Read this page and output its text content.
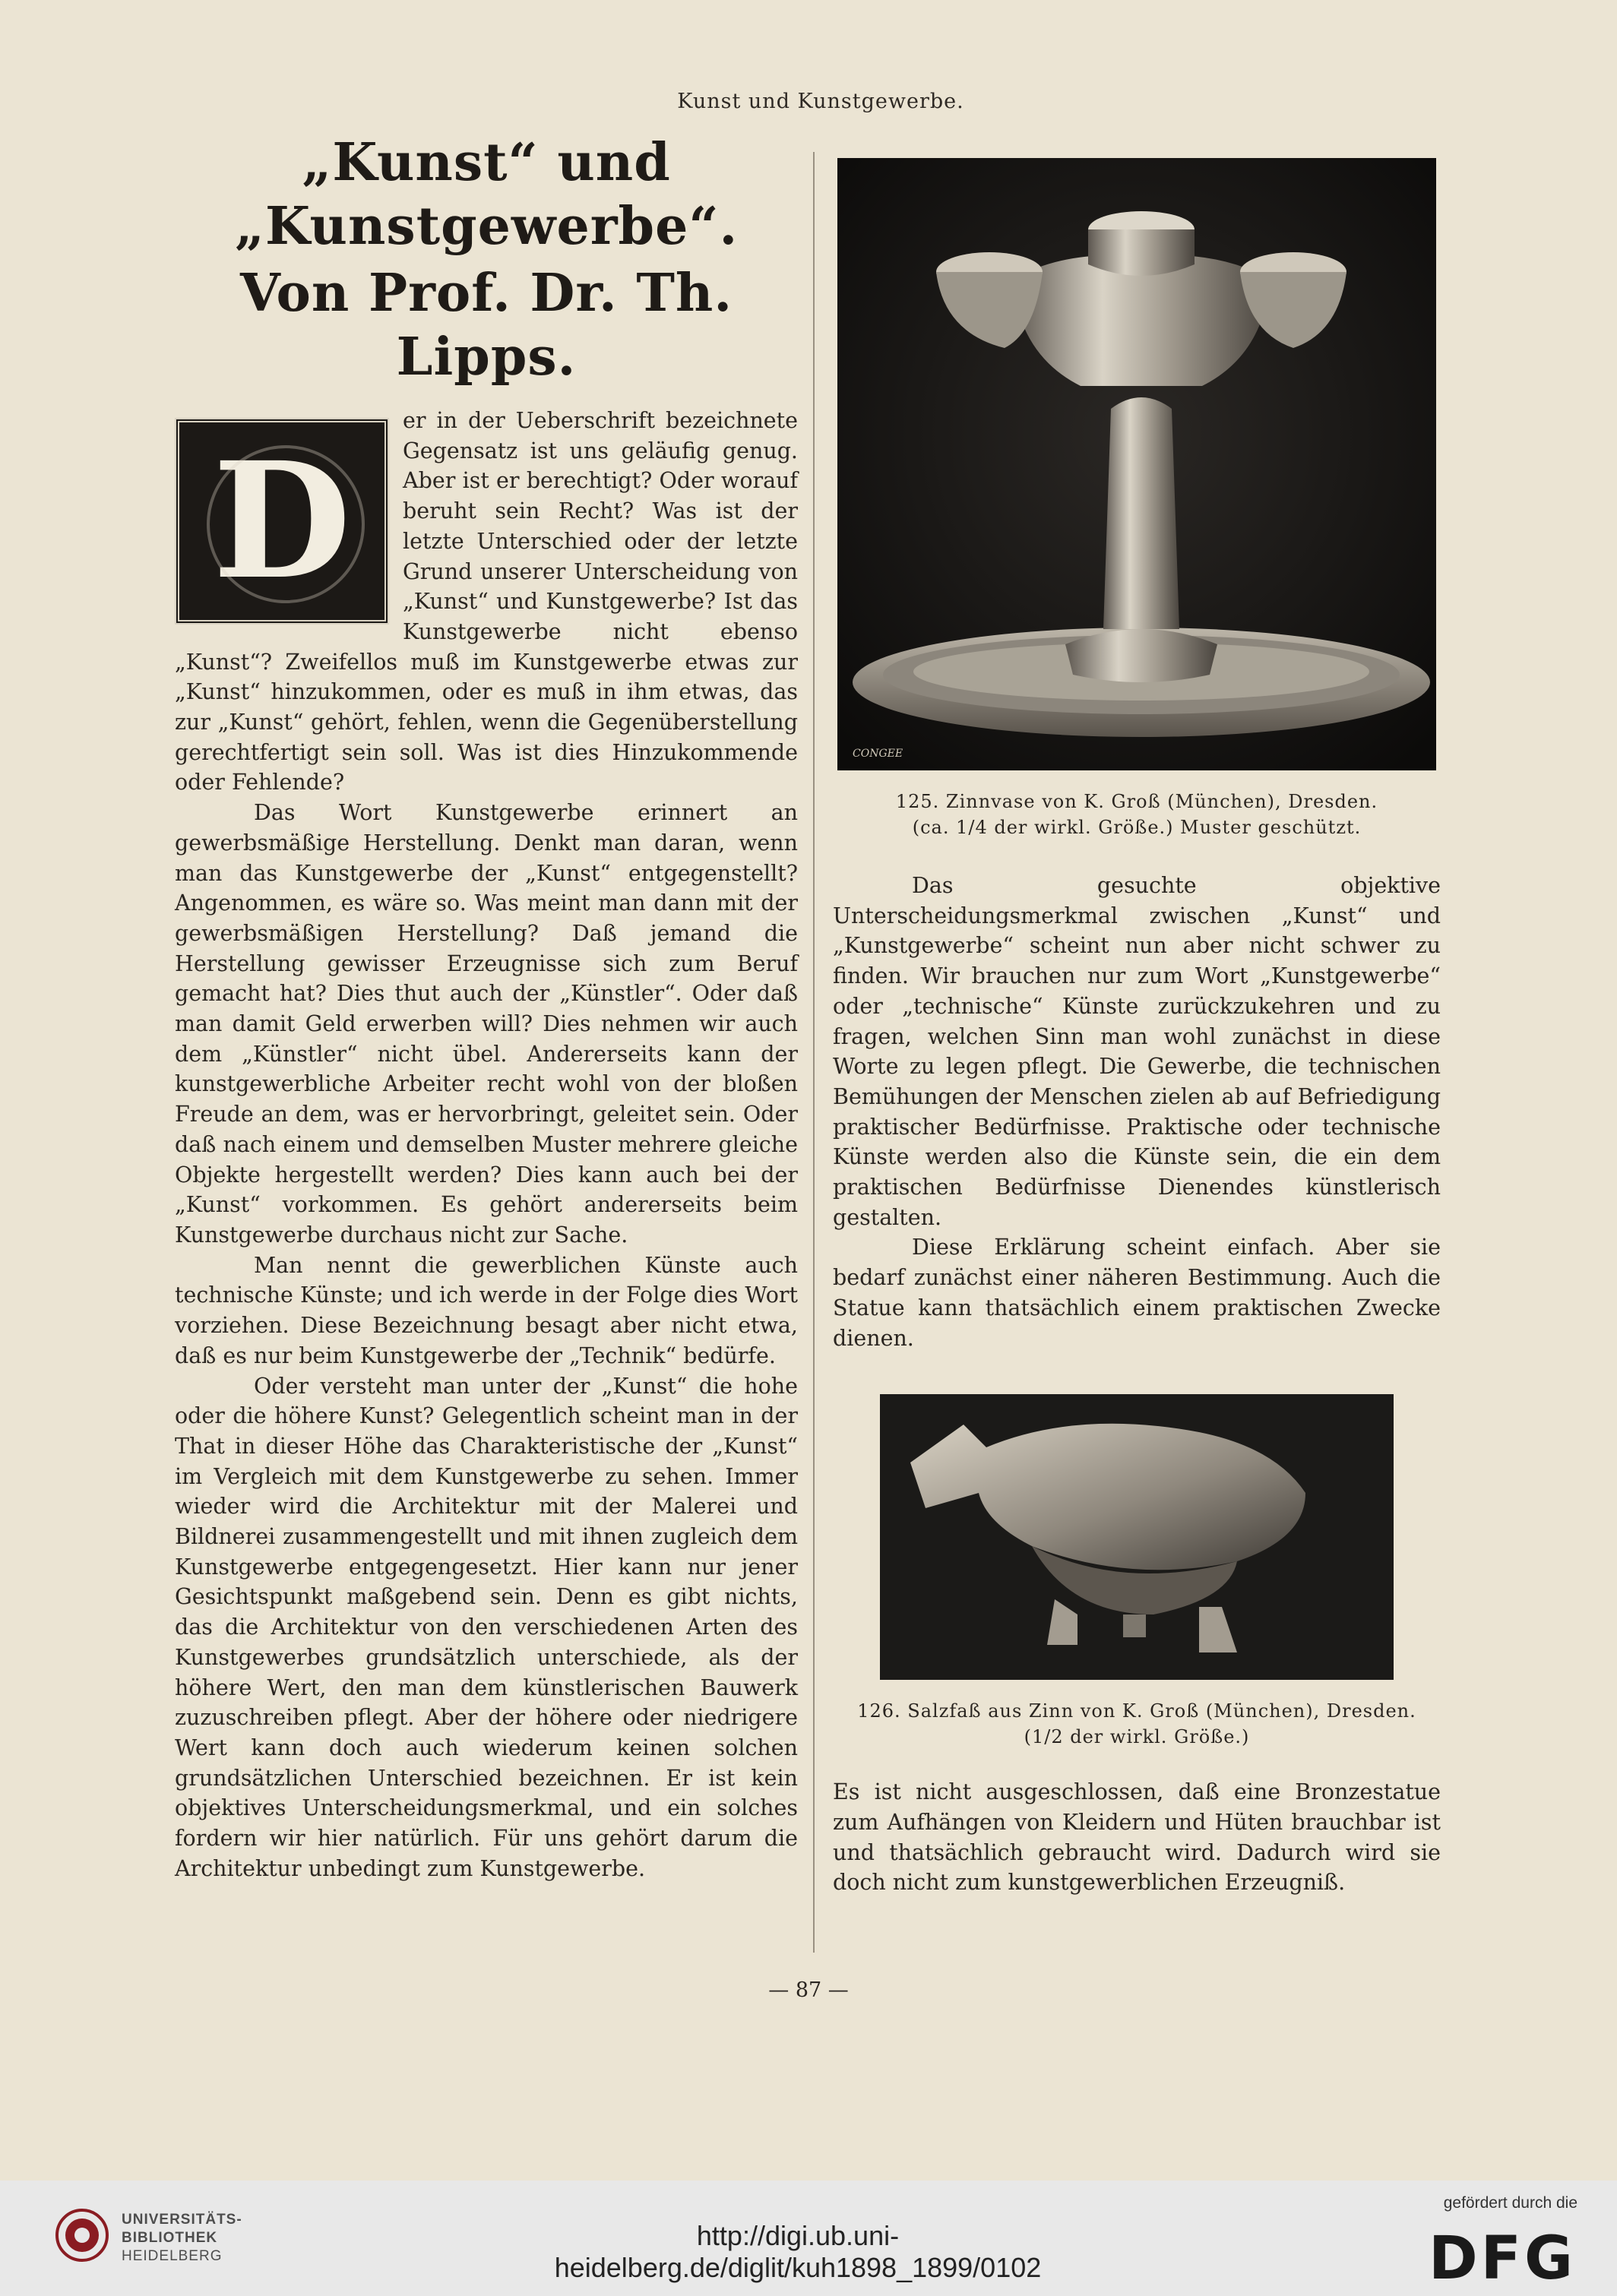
Kunst und Kunstgewerbe.
„Kunst“ und „Kunstgewerbe“.
Von Prof. Dr. Th. Lipps.
D

er in der Ueberschrift bezeichnete Gegensatz ist uns geläufig genug. Aber ist er berechtigt? Oder worauf beruht sein Recht? Was ist der letzte Unterschied oder der letzte Grund unserer Unterscheidung von „Kunst“ und Kunstgewerbe? Ist das Kunstgewerbe nicht ebenso „Kunst“? Zweifellos muß im Kunstgewerbe etwas zur „Kunst“ hinzukommen, oder es muß in ihm etwas, das zur „Kunst“ gehört, fehlen, wenn die Gegenüberstellung gerechtfertigt sein soll. Was ist dies Hinzukommende oder Fehlende?

Das Wort Kunstgewerbe erinnert an gewerbsmäßige Herstellung. Denkt man daran, wenn man das Kunstgewerbe der „Kunst“ entgegenstellt? Angenommen, es wäre so. Was meint man dann mit der gewerbsmäßigen Herstellung? Daß jemand die Herstellung gewisser Erzeugnisse sich zum Beruf gemacht hat? Dies thut auch der „Künstler“. Oder daß man damit Geld erwerben will? Dies nehmen wir auch dem „Künstler“ nicht übel. Andererseits kann der kunstgewerbliche Arbeiter recht wohl von der bloßen Freude an dem, was er hervorbringt, geleitet sein. Oder daß nach einem und demselben Muster mehrere gleiche Objekte hergestellt werden? Dies kann auch bei der „Kunst“ vorkommen. Es gehört andererseits beim Kunstgewerbe durchaus nicht zur Sache.

Man nennt die gewerblichen Künste auch technische Künste; und ich werde in der Folge dies Wort vorziehen. Diese Bezeichnung besagt aber nicht etwa, daß es nur beim Kunstgewerbe der „Technik“ bedürfe.

Oder versteht man unter der „Kunst“ die hohe oder die höhere Kunst? Gelegentlich scheint man in der That in dieser Höhe das Charakteristische der „Kunst“ im Vergleich mit dem Kunstgewerbe zu sehen. Immer wieder wird die Architektur mit der Malerei und Bildnerei zusammengestellt und mit ihnen zugleich dem Kunstgewerbe entgegengesetzt. Hier kann nur jener Gesichtspunkt maßgebend sein. Denn es gibt nichts, das die Architektur von den verschiedenen Arten des Kunstgewerbes grundsätzlich unterschiede, als der höhere Wert, den man dem künstlerischen Bauwerk zuzuschreiben pflegt. Aber der höhere oder niedrigere Wert kann doch auch wiederum keinen solchen grundsätzlichen Unterschied bezeichnen. Er ist kein objektives Unterscheidungsmerkmal, und ein solches fordern wir hier natürlich. Für uns gehört darum die Architektur unbedingt zum Kunstgewerbe.

CONGEE
125. Zinnvase von K. Groß (München), Dresden.
(ca. 1/4 der wirkl. Größe.) Muster geschützt.

Das gesuchte objektive Unterscheidungsmerkmal zwischen „Kunst“ und „Kunstgewerbe“ scheint nun aber nicht schwer zu finden. Wir brauchen nur zum Wort „Kunstgewerbe“ oder „technische“ Künste zurückzukehren und zu fragen, welchen Sinn man wohl zunächst in diese Worte zu legen pflegt. Die Gewerbe, die technischen Bemühungen der Menschen zielen ab auf Befriedigung praktischer Bedürfnisse. Praktische oder technische Künste werden also die Künste sein, die ein dem praktischen Bedürfnisse Dienendes künstlerisch gestalten.

Diese Erklärung scheint einfach. Aber sie bedarf zunächst einer näheren Bestimmung. Auch die Statue kann thatsächlich einem praktischen Zwecke dienen.

126. Salzfaß aus Zinn von K. Groß (München), Dresden.
(1/2 der wirkl. Größe.)

Es ist nicht ausgeschlossen, daß eine Bronzestatue zum Aufhängen von Kleidern und Hüten brauchbar ist und thatsächlich gebraucht wird. Dadurch wird sie doch nicht zum kunstgewerblichen Erzeugniß.

— 87 —
UNIVERSITÄTS-
BIBLIOTHEK
HEIDELBERG
http://digi.ub.uni-heidelberg.de/diglit/kuh1898_1899/0102
gefördert durch die
DFG
